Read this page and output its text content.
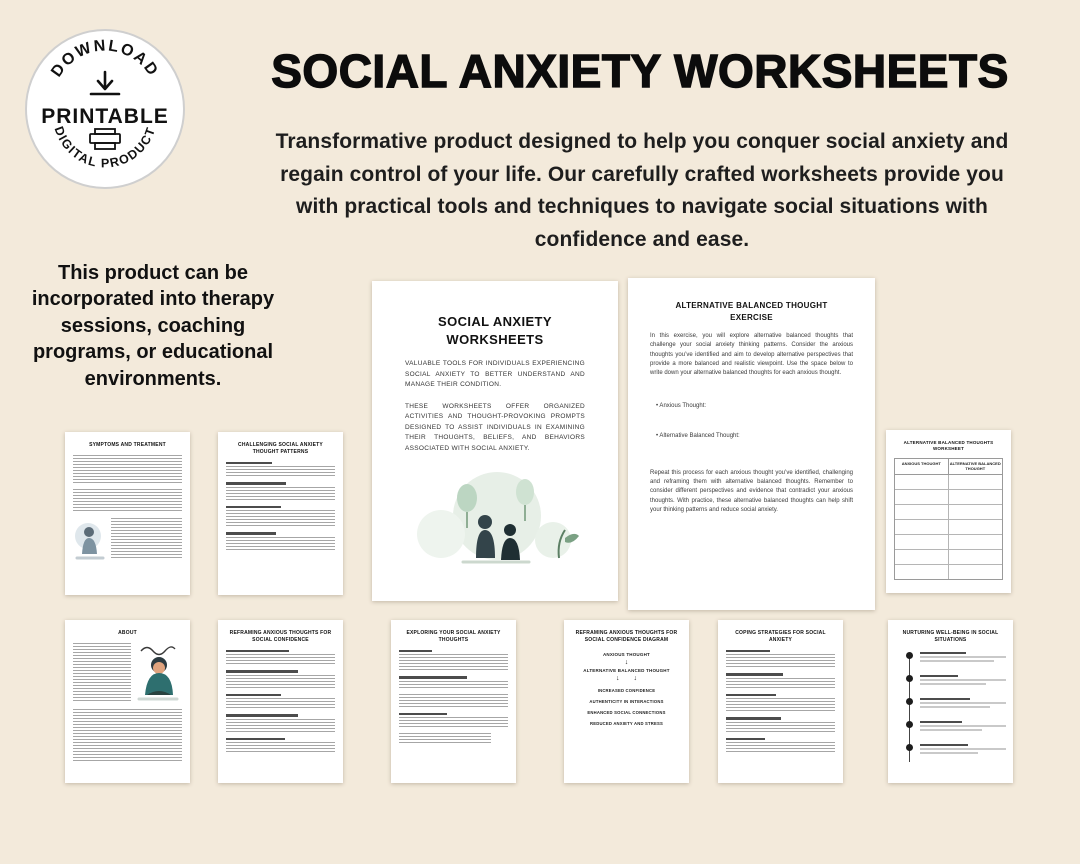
DOWNLOAD
PRINTABLE
DIGITAL PRODUCT
SOCIAL ANXIETY WORKSHEETS

Transformative product designed to help you conquer social anxiety and regain control of your life. Our carefully crafted worksheets provide you with practical tools and techniques to navigate social situations with confidence and ease.

This product can be incorporated into therapy sessions, coaching programs, or educational environments.

SOCIAL ANXIETY WORKSHEETS
VALUABLE TOOLS FOR INDIVIDUALS EXPERIENCING SOCIAL ANXIETY TO BETTER UNDERSTAND AND MANAGE THEIR CONDITION.
THESE WORKSHEETS OFFER ORGANIZED ACTIVITIES AND THOUGHT-PROVOKING PROMPTS DESIGNED TO ASSIST INDIVIDUALS IN EXAMINING THEIR THOUGHTS, BELIEFS, AND BEHAVIORS ASSOCIATED WITH SOCIAL ANXIETY.
ALTERNATIVE BALANCED THOUGHT EXERCISE
In this exercise, you will explore alternative balanced thoughts that challenge your social anxiety thinking patterns. Consider the anxious thoughts you’ve identified and aim to develop alternative perspectives that provide a more balanced and realistic viewpoint. Use the space below to write down your alternative balanced thoughts for each anxious thought.
• Anxious Thought:
• Alternative Balanced Thought:
Repeat this process for each anxious thought you’ve identified, challenging and reframing them with alternative balanced thoughts. Remember to consider different perspectives and evidence that contradict your anxious thoughts. With practice, these alternative balanced thoughts can help shift your thinking patterns and reduce social anxiety.
SYMPTOMS AND TREATMENT	CHALLENGING SOCIAL ANXIETY THOUGHT PATTERNS
ALTERNATIVE BALANCED THOUGHTS WORKSHEET
ANXIOUS THOUGHT	ALTERNATIVE BALANCED THOUGHT
ABOUT	REFRAMING ANXIOUS THOUGHTS FOR SOCIAL CONFIDENCE
EXPLORING YOUR SOCIAL ANXIETY THOUGHTS
REFRAMING ANXIOUS THOUGHTS FOR SOCIAL CONFIDENCE DIAGRAM
ANXIOUS THOUGHT
↓
ALTERNATIVE BALANCED THOUGHT
↓ ↓
INCREASED CONFIDENCE
AUTHENTICITY IN INTERACTIONS
ENHANCED SOCIAL CONNECTIONS
REDUCED ANXIETY AND STRESS
COPING STRATEGIES FOR SOCIAL ANXIETY
NURTURING WELL-BEING IN SOCIAL SITUATIONS
